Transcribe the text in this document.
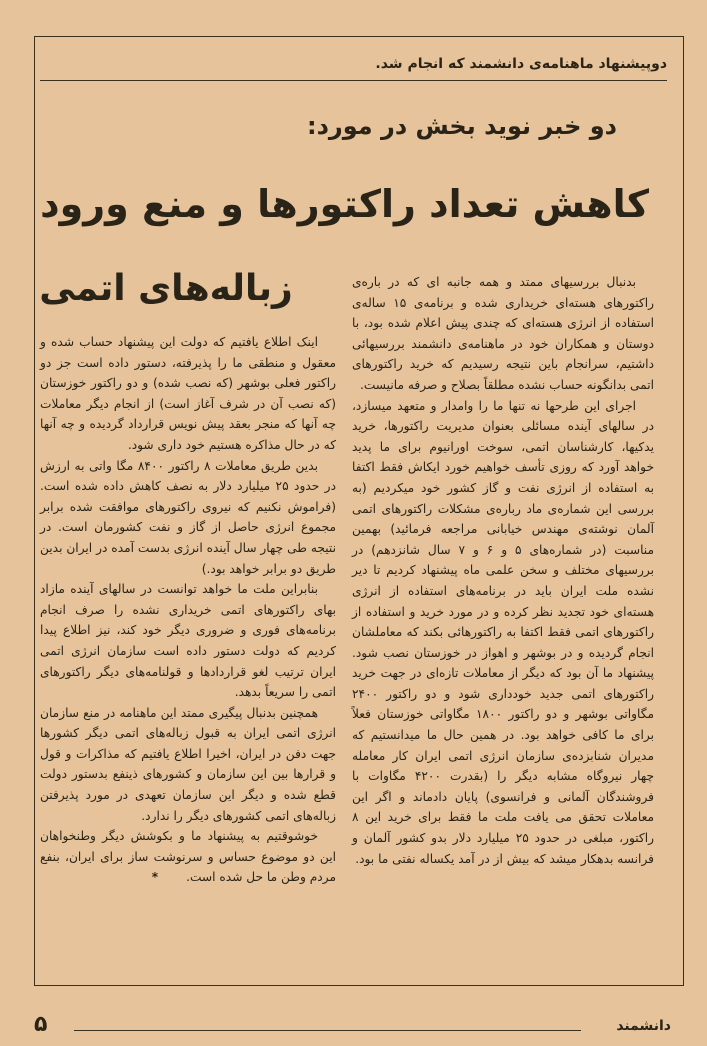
دوپیشنهاد ماهنامه‌ی دانشمند که انجام شد.
دو خبر نوید بخش در مورد:
کاهش تعداد راکتورها و منع ورود
زباله‌های اتمی	بدنبال بررسیهای ممتد و همه جانبه ای که در باره‌ی راکتورهای هسته‌ای خریداری شده و برنامه‌ی ۱۵ ساله‌ی استفاده از انرژی هسته‌ای که چندی پیش اعلام شده بود، با دوستان و همکاران خود در ماهنامه‌ی دانشمند بررسیهائی داشتیم، سرانجام باین نتیجه رسیدیم که خرید راکتورهای اتمی بدانگونه حساب نشده مطلقاً بصلاح و صرفه مانیست.

اجرای این طرحها نه تنها ما را وامدار و متعهد میسازد، در سالهای آینده مسائلی بعنوان مدیریت راکتورها، خرید یدکیها، کارشناسان اتمی، سوخت اورانیوم برای ما پدید خواهد آورد که روزی تأسف خواهیم خورد ایکاش فقط اکتفا به استفاده از انرژی نفت و گاز کشور خود میکردیم (به بررسی این شماره‌ی ماد رباره‌ی مشکلات راکتورهای اتمی آلمان نوشته‌ی مهندس خیابانی مراجعه فرمائید) بهمین مناسبت (در شماره‌های ۵ و ۶ و ۷ سال شانزدهم) در بررسیهای مختلف و سخن علمی ماه پیشنهاد کردیم تا دیر نشده ملت ایران باید در برنامه‌های استفاده از انرژی هسته‌ای خود تجدید نظر کرده و در مورد خرید و استفاده از راکتورهای اتمی فقط اکتفا به راکتورهائی بکند که معاملشان انجام گردیده و در بوشهر و اهواز در خوزستان نصب شود. پیشنهاد ما آن بود که دیگر از معاملات تازه‌ای در جهت خرید راکتورهای اتمی جدید خودداری شود و دو راکتور ۲۴۰۰ مگاواتی بوشهر و دو راکتور ۱۸۰۰ مگاواتی خوزستان فعلاً برای ما کافی خواهد بود. در همین حال ما میدانستیم که مدیران شنابزده‌ی سازمان انرژی اتمی ایران کار معامله چهار نیروگاه مشابه دیگر را (بقدرت ۴۲۰۰ مگاوات با فروشندگان آلمانی و فرانسوی) پایان دادماند و اگر این معاملات تحقق می یافت ملت ما فقط برای خرید این ۸ راکتور، مبلغی در حدود ۲۵ میلیارد دلار بدو کشور آلمان و فرانسه بدهکار میشد که بیش از در آمد یکساله نفتی ما بود.

اینک اطلاع یافتیم که دولت این پیشنهاد حساب شده و معقول و منطقی ما را پذیرفته، دستور داده است جز دو راکتور فعلی بوشهر (که نصب شده) و دو راکتور خوزستان (که نصب آن در شرف آغاز است) از انجام دیگر معاملات چه آنها که منجر بعقد پیش نویس قرارداد گردیده و چه آنها که در حال مذاکره هستیم خود داری شود.

بدین طریق معاملات ۸ راکتور ۸۴۰۰ مگا واتی به ارزش در حدود ۲۵ میلیارد دلار به نصف کاهش داده شده است. (فراموش نکنیم که نیروی راکتورهای موافقت شده برابر مجموع انرژی حاصل از گاز و نفت کشورمان است. در نتیجه طی چهار سال آینده انرژی بدست آمده در ایران بدین طریق دو برابر خواهد بود.)

بنابراین ملت ما خواهد توانست در سالهای آینده مازاد بهای راکتورهای اتمی خریداری نشده را صرف انجام برنامه‌های فوری و ضروری دیگر خود کند، نیز اطلاع پیدا کردیم که دولت دستور داده است سازمان انرژی اتمی ایران ترتیب لغو قراردادها و قولنامه‌های دیگر راکتورهای اتمی را سریعاً بدهد.

همچنین بدنبال پیگیری ممتد این ماهنامه در منع سازمان انرژی اتمی ایران به قبول زباله‌های اتمی دیگر کشورها جهت دفن در ایران، اخیرا اطلاع یافتیم که مذاکرات و قول و قرارها بین این سازمان و کشورهای ذینفع بدستور دولت قطع شده و دیگر این سازمان تعهدی در مورد پذیرفتن زباله‌های اتمی کشورهای دیگر را ندارد.

خوشوقتیم به پیشنهاد ما و بکوشش دیگر وطنخواهان این دو موضوع حساس و سرنوشت ساز برای ایران، بنفع مردم وطن ما حل شده است.*

دانشمند
۵
